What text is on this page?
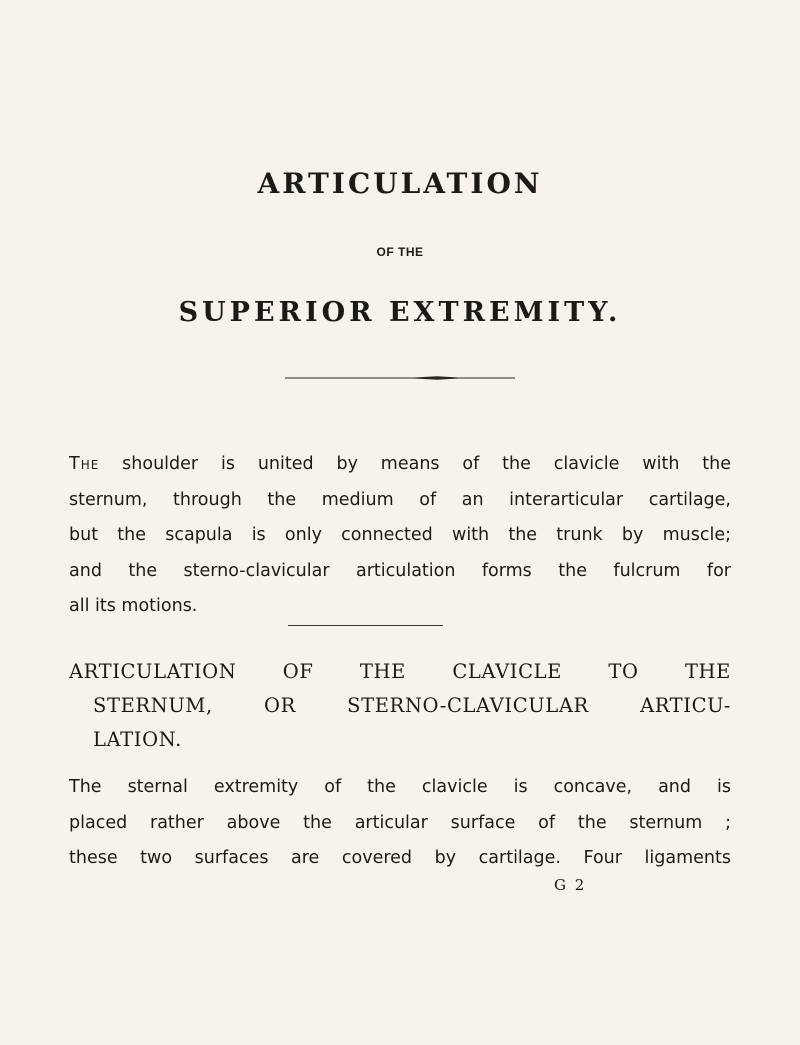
ARTICULATION
OF THE
SUPERIOR EXTREMITY.
The shoulder is united by means of the clavicle with the
sternum, through the medium of an interarticular cartilage,
but the scapula is only connected with the trunk by muscle;
and the sterno-clavicular articulation forms the fulcrum for
all its motions.
ARTICULATION OF THE CLAVICLE TO THE
STERNUM, OR STERNO-CLAVICULAR ARTICU-
LATION.
The sternal extremity of the clavicle is concave, and is
placed rather above the articular surface of the sternum ;
these two surfaces are covered by cartilage. Four ligaments
G 2
